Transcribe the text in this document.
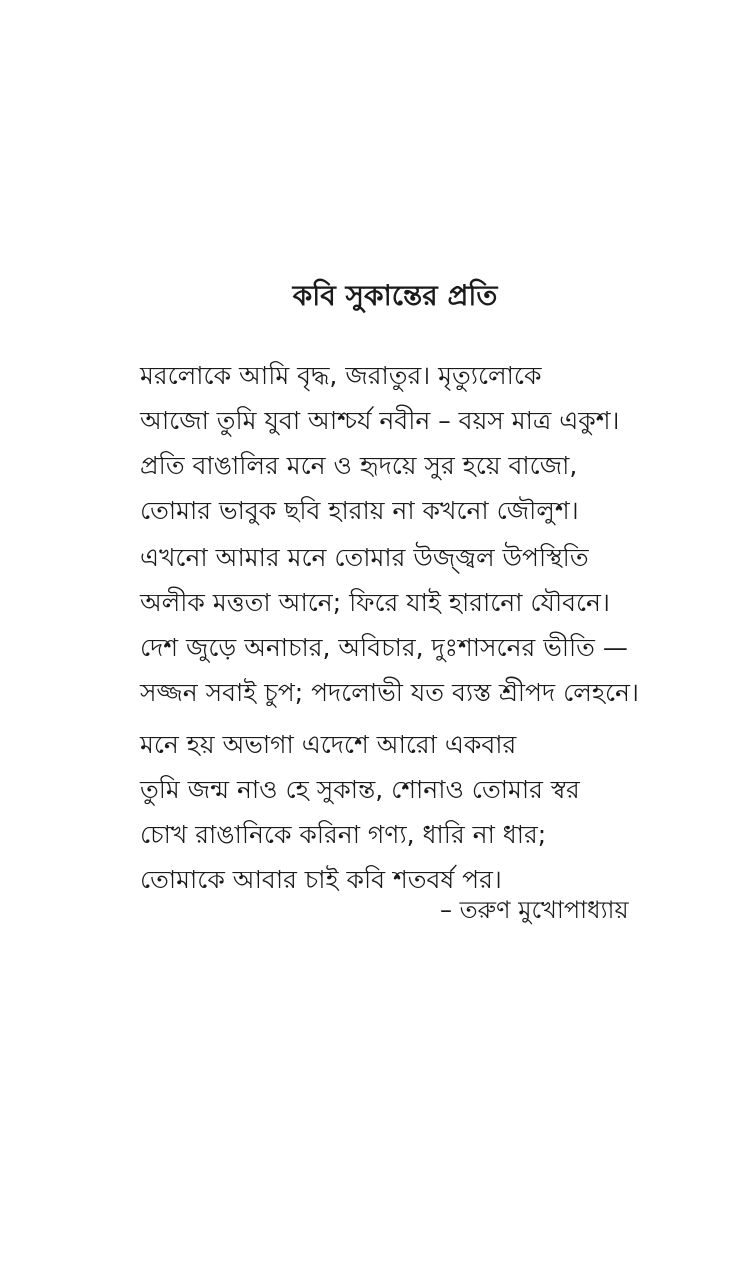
কবি সুকান্তের প্রতি
মরলোকে আমি বৃদ্ধ, জরাতুর। মৃত্যুলোকে
আজো তুমি যুবা আশ্চর্য নবীন – বয়স মাত্র একুশ।
প্রতি বাঙালির মনে ও হৃদয়ে সুর হয়ে বাজো,
তোমার ভাবুক ছবি হারায় না কখনো জৌলুশ।
এখনো আমার মনে তোমার উজ্জ্বল উপস্থিতি
অলীক মত্ততা আনে; ফিরে যাই হারানো যৌবনে।
দেশ জুড়ে অনাচার, অবিচার, দুঃশাসনের ভীতি —
সজ্জন সবাই চুপ; পদলোভী যত ব্যস্ত শ্রীপদ লেহনে।
মনে হয় অভাগা এদেশে আরো একবার
তুমি জন্ম নাও হে সুকান্ত, শোনাও তোমার স্বর
চোখ রাঙানিকে করিনা গণ্য, ধারি না ধার;
তোমাকে আবার চাই কবি শতবর্ষ পর।
– তরুণ মুখোপাধ্যায়
